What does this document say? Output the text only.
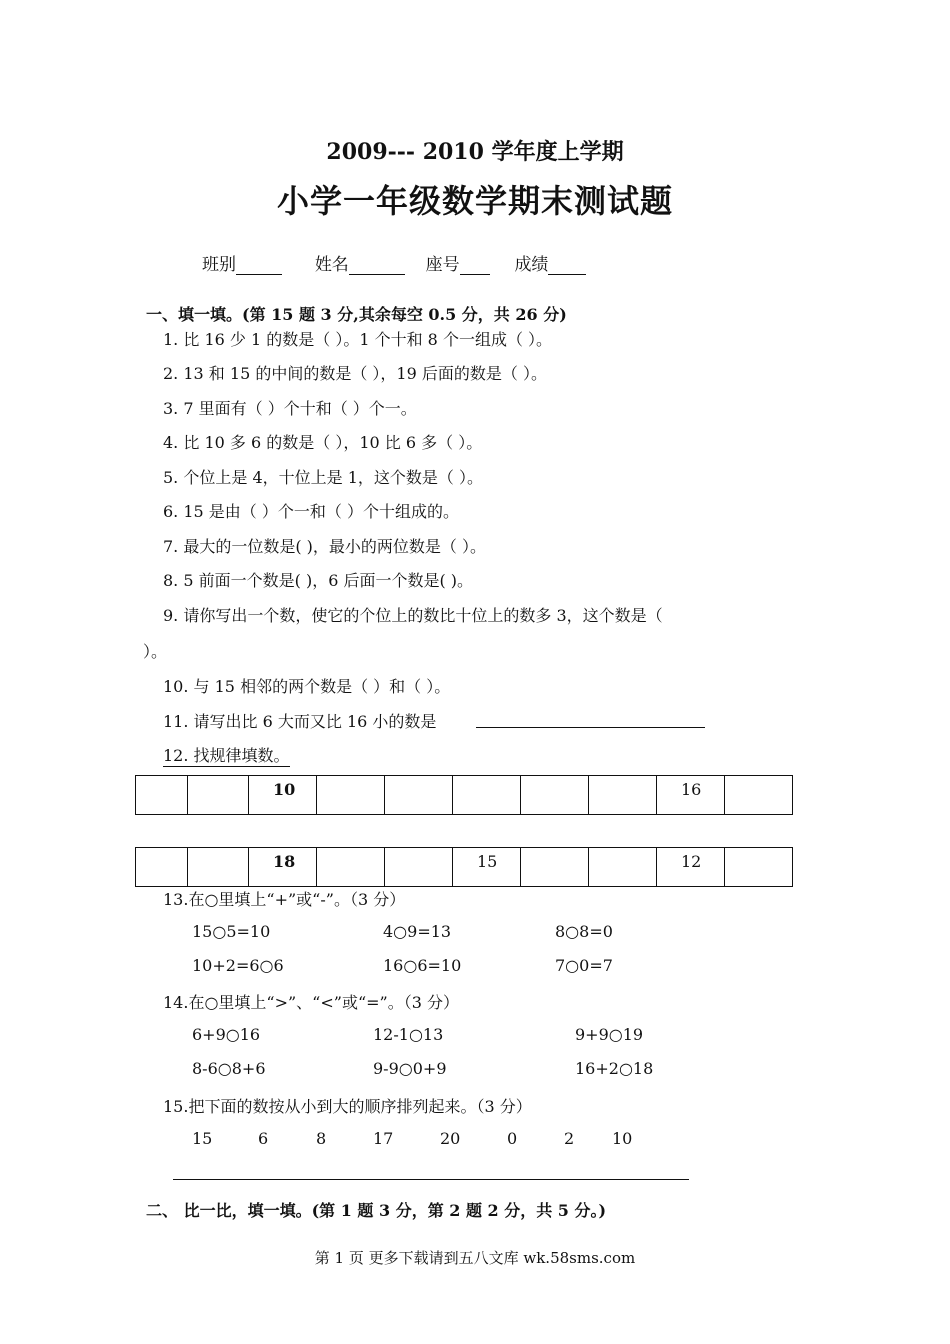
2009--- 2010 学年度上学期
小学一年级数学期末测试题
班别	姓名	座号	成绩
一、填一填。(第 15 题 3 分,其余每空 0.5 分，共 26 分)
1. 比 16 少 1 的数是（ ）。1 个十和 8 个一组成（ ）。
2. 13 和 15 的中间的数是（ ），19 后面的数是（ ）。
3. 7 里面有（ ）个十和（ ）个一。
4. 比 10 多 6 的数是（ ），10 比 6 多（ ）。
5. 个位上是 4，十位上是 1，这个数是（ ）。
6. 15 是由（ ）个一和（ ）个十组成的。
7. 最大的一位数是( )，最小的两位数是（ ）。
8. 5 前面一个数是( )，6 后面一个数是( )。
9. 请你写出一个数，使它的个位上的数比十位上的数多 3，这个数是（
）。
10. 与 15 相邻的两个数是（ ）和（ ）。
11. 请写出比 6 大而又比 16 小的数是
12. 找规律填数。
		10						16	
		18			15			12	
13.在○里填上“+”或“-”。（3 分）
15○5=10	4○9=13	8○8=0
10+2=6○6	16○6=10	7○0=7
14.在○里填上“>”、“<”或“=”。（3 分）
6+9○16	12-1○13	9+9○19
8-6○8+6	9-9○0+9	16+2○18
15.把下面的数按从小到大的顺序排列起来。（3 分）
15	6	8	17	20	0	2 10
二、 比一比，填一填。(第 1 题 3 分，第 2 题 2 分，共 5 分。)
第 1 页 更多下载请到五八文库 wk.58sms.com
